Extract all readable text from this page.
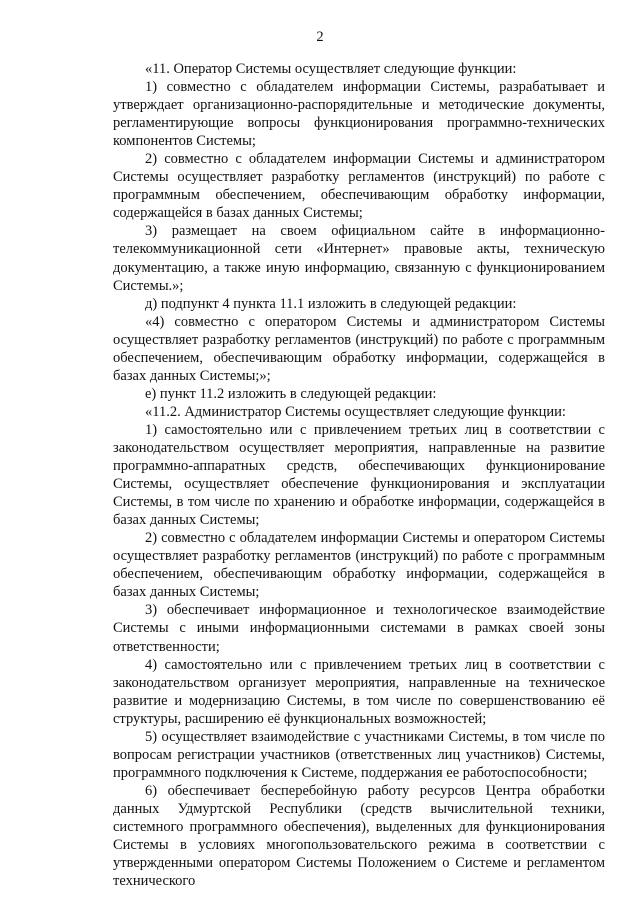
2

«11. Оператор Системы осуществляет следующие функции:

1) совместно с обладателем информации Системы, разрабатывает и утверждает организационно-распорядительные и методические документы, регламентирующие вопросы функционирования программно-технических компонентов Системы;

2) совместно с обладателем информации Системы и администратором Системы осуществляет разработку регламентов (инструкций) по работе с программным обеспечением, обеспечивающим обработку информации, содержащейся в базах данных Системы;

3) размещает на своем официальном сайте в информационно-телекоммуникационной сети «Интернет» правовые акты, техническую документацию, а также иную информацию, связанную с функционированием Системы.»;

д) подпункт 4 пункта 11.1 изложить в следующей редакции:

«4) совместно с оператором Системы и администратором Системы осуществляет разработку регламентов (инструкций) по работе с программным обеспечением, обеспечивающим обработку информации, содержащейся в базах данных Системы;»;

е) пункт 11.2 изложить в следующей редакции:

«11.2. Администратор Системы осуществляет следующие функции:

1) самостоятельно или с привлечением третьих лиц в соответствии с законодательством осуществляет мероприятия, направленные на развитие программно-аппаратных средств, обеспечивающих функционирование Системы, осуществляет обеспечение функционирования и эксплуатации Системы, в том числе по хранению и обработке информации, содержащейся в базах данных Системы;

2) совместно с обладателем информации Системы и оператором Системы осуществляет разработку регламентов (инструкций) по работе с программным обеспечением, обеспечивающим обработку информации, содержащейся в базах данных Системы;

3) обеспечивает информационное и технологическое взаимодействие Системы с иными информационными системами в рамках своей зоны ответственности;

4) самостоятельно или с привлечением третьих лиц в соответствии с законодательством организует мероприятия, направленные на техническое развитие и модернизацию Системы, в том числе по совершенствованию её структуры, расширению её функциональных возможностей;

5) осуществляет взаимодействие с участниками Системы, в том числе по вопросам регистрации участников (ответственных лиц участников) Системы, программного подключения к Системе, поддержания ее работоспособности;

6) обеспечивает бесперебойную работу ресурсов Центра обработки данных Удмуртской Республики (средств вычислительной техники, системного программного обеспечения), выделенных для функционирования Системы в условиях многопользовательского режима в соответствии с утвержденными оператором Системы Положением о Системе и регламентом технического
